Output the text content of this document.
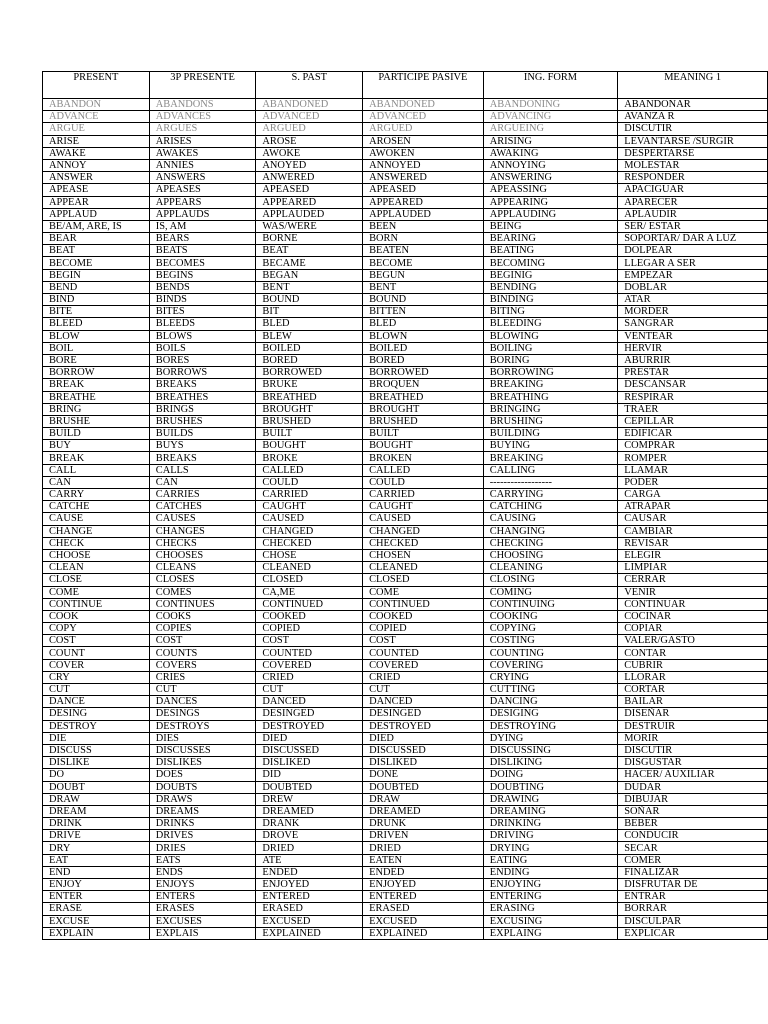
PRESENT	3P PRESENTE	S. PAST	PARTICIPE PASIVE	ING. FORM	MEANING 1
ABANDON	ABANDONS	ABANDONED	ABANDONED	ABANDONING	ABANDONAR
ADVANCE	ADVANCES	ADVANCED	ADVANCED	ADVANCING	AVANZA R
ARGUE	ARGUES	ARGUED	ARGUED	ARGUEING	DISCUTIR
ARISE	ARISES	AROSE	AROSEN	ARISING	LEVANTARSE /SURGIR
AWAKE	AWAKES	AWOKE	AWOKEN	AWAKING	DESPERTARSE
ANNOY	ANNIES	ANOYED	ANNOYED	ANNOYING	MOLESTAR
ANSWER	ANSWERS	ANWERED	ANSWERED	ANSWERING	RESPONDER
APEASE	APEASES	APEASED	APEASED	APEASSING	APACIGUAR
APPEAR	APPEARS	APPEARED	APPEARED	APPEARING	APARECER
APPLAUD	APPLAUDS	APPLAUDED	APPLAUDED	APPLAUDING	APLAUDIR
BE/AM, ARE, IS	IS, AM	WAS/WERE	BEEN	BEING	SER/ ESTAR
BEAR	BEARS	BORNE	BORN	BEARING	SOPORTAR/ DAR A LUZ
BEAT	BEATS	BEAT	BEATEN	BEATING	DOLPEAR
BECOME	BECOMES	BECAME	BECOME	BECOMING	LLEGAR A SER
BEGIN	BEGINS	BEGAN	BEGUN	BEGINIG	EMPEZAR
BEND	BENDS	BENT	BENT	BENDING	DOBLAR
BIND	BINDS	BOUND	BOUND	BINDING	ATAR
BITE	BITES	BIT	BITTEN	BITING	MORDER
BLEED	BLEEDS	BLED	BLED	BLEEDING	SANGRAR
BLOW	BLOWS	BLEW	BLOWN	BLOWING	VENTEAR
BOIL	BOILS	BOILED	BOILED	BOILING	HERVIR
BORE	BORES	BORED	BORED	BORING	ABURRIR
BORROW	BORROWS	BORROWED	BORROWED	BORROWING	PRESTAR
BREAK	BREAKS	BRUKE	BROQUEN	BREAKING	DESCANSAR
BREATHE	BREATHES	BREATHED	BREATHED	BREATHING	RESPIRAR
BRING	BRINGS	BROUGHT	BROUGHT	BRINGING	TRAER
BRUSHE	BRUSHES	BRUSHED	BRUSHED	BRUSHING	CEPILLAR
BUILD	BUILDS	BUILT	BUILT	BUILDING	EDIFICAR
BUY	BUYS	BOUGHT	BOUGHT	BUYING	COMPRAR
BREAK	BREAKS	BROKE	BROKEN	BREAKING	ROMPER
CALL	CALLS	CALLED	CALLED	CALLING	LLAMAR
CAN	CAN	COULD	COULD	------------------	PODER
CARRY	CARRIES	CARRIED	CARRIED	CARRYING	CARGA
CATCHE	CATCHES	CAUGHT	CAUGHT	CATCHING	ATRAPAR
CAUSE	CAUSES	CAUSED	CAUSED	CAUSING	CAUSAR
CHANGE	CHANGES	CHANGED	CHANGED	CHANGING	CAMBIAR
CHECK	CHECKS	CHECKED	CHECKED	CHECKING	REVISAR
CHOOSE	CHOOSES	CHOSE	CHOSEN	CHOOSING	ELEGIR
CLEAN	CLEANS	CLEANED	CLEANED	CLEANING	LIMPIAR
CLOSE	CLOSES	CLOSED	CLOSED	CLOSING	CERRAR
COME	COMES	CA,ME	COME	COMING	VENIR
CONTINUE	CONTINUES	CONTINUED	CONTINUED	CONTINUING	CONTINUAR
COOK	COOKS	COOKED	COOKED	COOKING	COCINAR
COPY	COPIES	COPIED	COPIED	COPYING	COPIAR
COST	COST	COST	COST	COSTING	VALER/GASTO
COUNT	COUNTS	COUNTED	COUNTED	COUNTING	CONTAR
COVER	COVERS	COVERED	COVERED	COVERING	CUBRIR
CRY	CRIES	CRIED	CRIED	CRYING	LLORAR
CUT	CUT	CUT	CUT	CUTTING	CORTAR
DANCE	DANCES	DANCED	DANCED	DANCING	BAILAR
DESING	DESINGS	DESINGED	DESINGED	DESIGING	DISEÑAR
DESTROY	DESTROYS	DESTROYED	DESTROYED	DESTROYING	DESTRUIR
DIE	DIES	DIED	DIED	DYING	MORIR
DISCUSS	DISCUSSES	DISCUSSED	DISCUSSED	DISCUSSING	DISCUTIR
DISLIKE	DISLIKES	DISLIKED	DISLIKED	DISLIKING	DISGUSTAR
DO	DOES	DID	DONE	DOING	HACER/ AUXILIAR
DOUBT	DOUBTS	DOUBTED	DOUBTED	DOUBTING	DUDAR
DRAW	DRAWS	DREW	DRAW	DRAWING	DIBUJAR
DREAM	DREAMS	DREAMED	DREAMED	DREAMING	SOÑAR
DRINK	DRINKS	DRANK	DRUNK	DRINKING	BEBER
DRIVE	DRIVES	DROVE	DRIVEN	DRIVING	CONDUCIR
DRY	DRIES	DRIED	DRIED	DRYING	SECAR
EAT	EATS	ATE	EATEN	EATING	COMER
END	ENDS	ENDED	ENDED	ENDING	FINALIZAR
ENJOY	ENJOYS	ENJOYED	ENJOYED	ENJOYING	DISFRUTAR DE
ENTER	ENTERS	ENTERED	ENTERED	ENTERING	ENTRAR
ERASE	ERASES	ERASED	ERASED	ERASING	BORRAR
EXCUSE	EXCUSES	EXCUSED	EXCUSED	EXCUSING	DISCULPAR
EXPLAIN	EXPLAIS	EXPLAINED	EXPLAINED	EXPLAING	EXPLICAR
